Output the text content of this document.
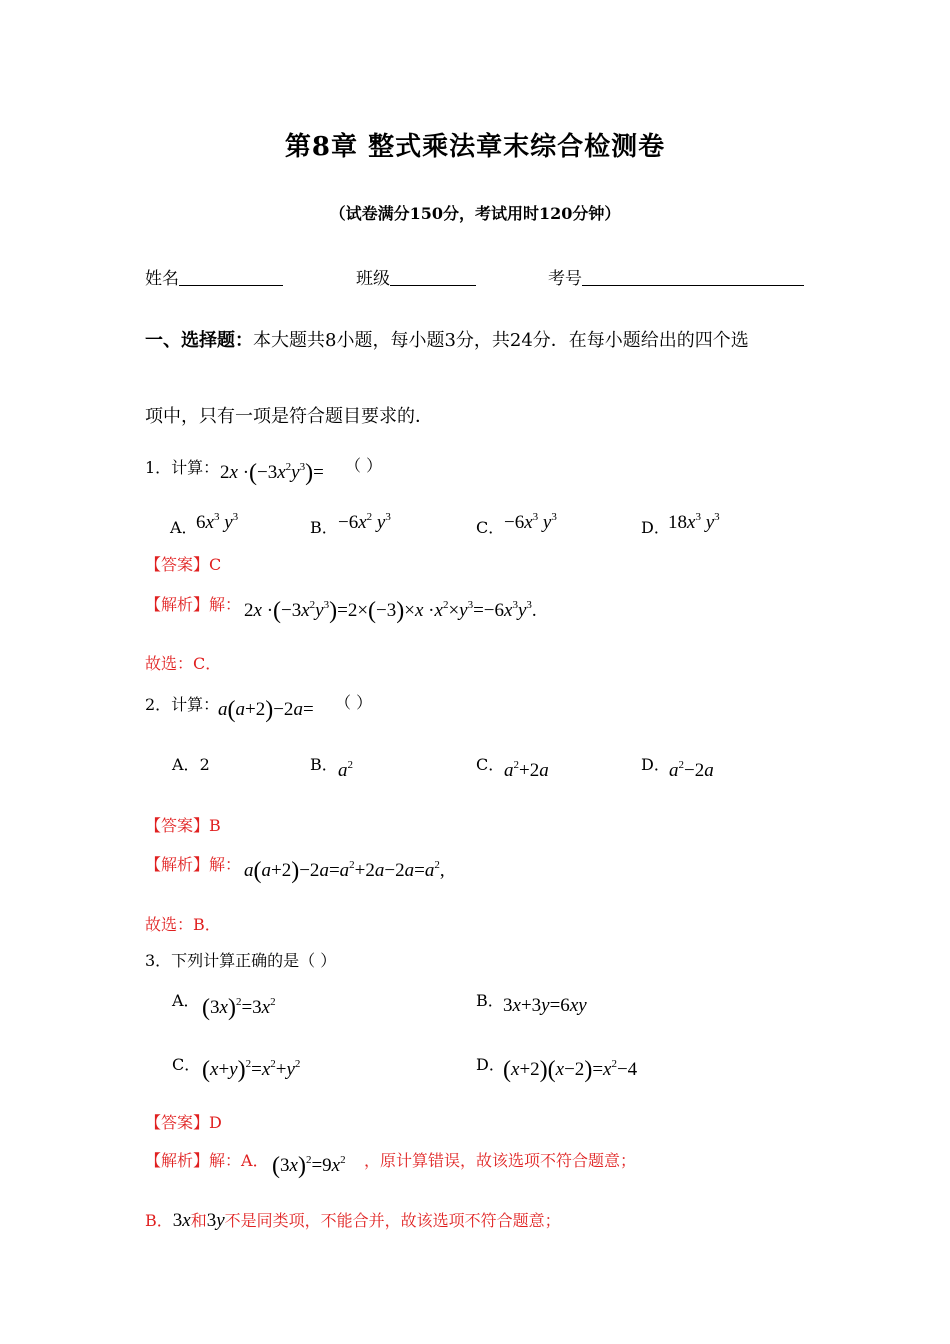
第8章 整式乘法章末综合检测卷
（试卷满分150分，考试用时120分钟）
姓名	班级	考号
一、选择题：本大题共8小题，每小题3分，共24分．在每小题给出的四个选
项中，只有一项是符合题目要求的．
1．计算： $2x \cdot(-3x^2y^3)=$ （ ）
A．
$6x^3$ $y^3$
B． $-6x^2$ $y^3$
C． $-6x^3$ $y^3$
D．
$18x^3$ $y^3$
【答案】C
【解析】解： $2x \cdot(-3x^2y^3)=2\times(-3)\times x \cdot x^2\times y^3=-6x^3y^3$.
故选：C．
2．计算：
a(a+2)−2a= （ ）
A．2	B． $a^2$	C． $a^2+2a$	D． $a^2-2a$
【答案】B
【解析】解： $a(a+2)-2a=a^2+2a-2a=a^2$,
故选：B．
3．下列计算正确的是（ ）
A． $(3x)^2=3x^2$	B． 3x+3y=6xy
C． $(x+y)^2=x^2+y^2$	D．
$(x+2)(x-2)=x^2-4$
【答案】D
【解析】解：A． $(3x)^2=9x^2$ ，原计算错误，故该选项不符合题意；
B．3x和3y不是同类项，不能合并，故该选项不符合题意；
